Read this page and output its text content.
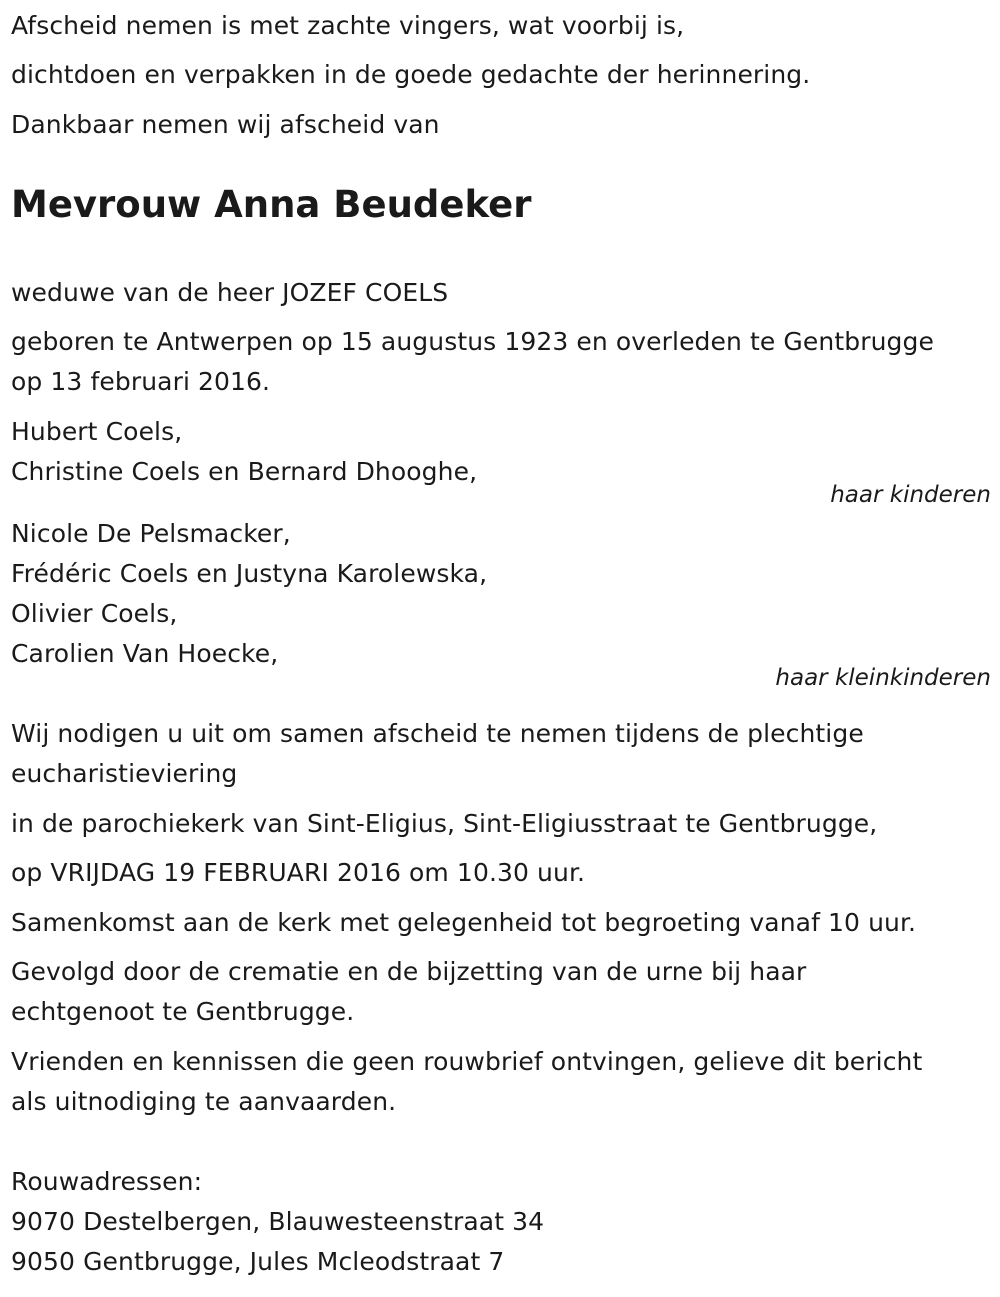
Afscheid nemen is met zachte vingers, wat voorbij is,
dichtdoen en verpakken in de goede gedachte der herinnering.
Dankbaar nemen wij afscheid van
Mevrouw Anna Beudeker
weduwe van de heer JOZEF COELS
geboren te Antwerpen op 15 augustus 1923 en overleden te Gentbrugge
op 13 februari 2016.
Hubert Coels,
Christine Coels en Bernard Dhooghe,
haar kinderen
Nicole De Pelsmacker,
Frédéric Coels en Justyna Karolewska,
Olivier Coels,
Carolien Van Hoecke,
haar kleinkinderen
Wij nodigen u uit om samen afscheid te nemen tijdens de plechtige
eucharistieviering
in de parochiekerk van Sint-Eligius, Sint-Eligiusstraat te Gentbrugge,
op VRIJDAG 19 FEBRUARI 2016 om 10.30 uur.
Samenkomst aan de kerk met gelegenheid tot begroeting vanaf 10 uur.
Gevolgd door de crematie en de bijzetting van de urne bij haar
echtgenoot te Gentbrugge.
Vrienden en kennissen die geen rouwbrief ontvingen, gelieve dit bericht
als uitnodiging te aanvaarden.
Rouwadressen:
9070 Destelbergen, Blauwesteenstraat 34
9050 Gentbrugge, Jules Mcleodstraat 7
